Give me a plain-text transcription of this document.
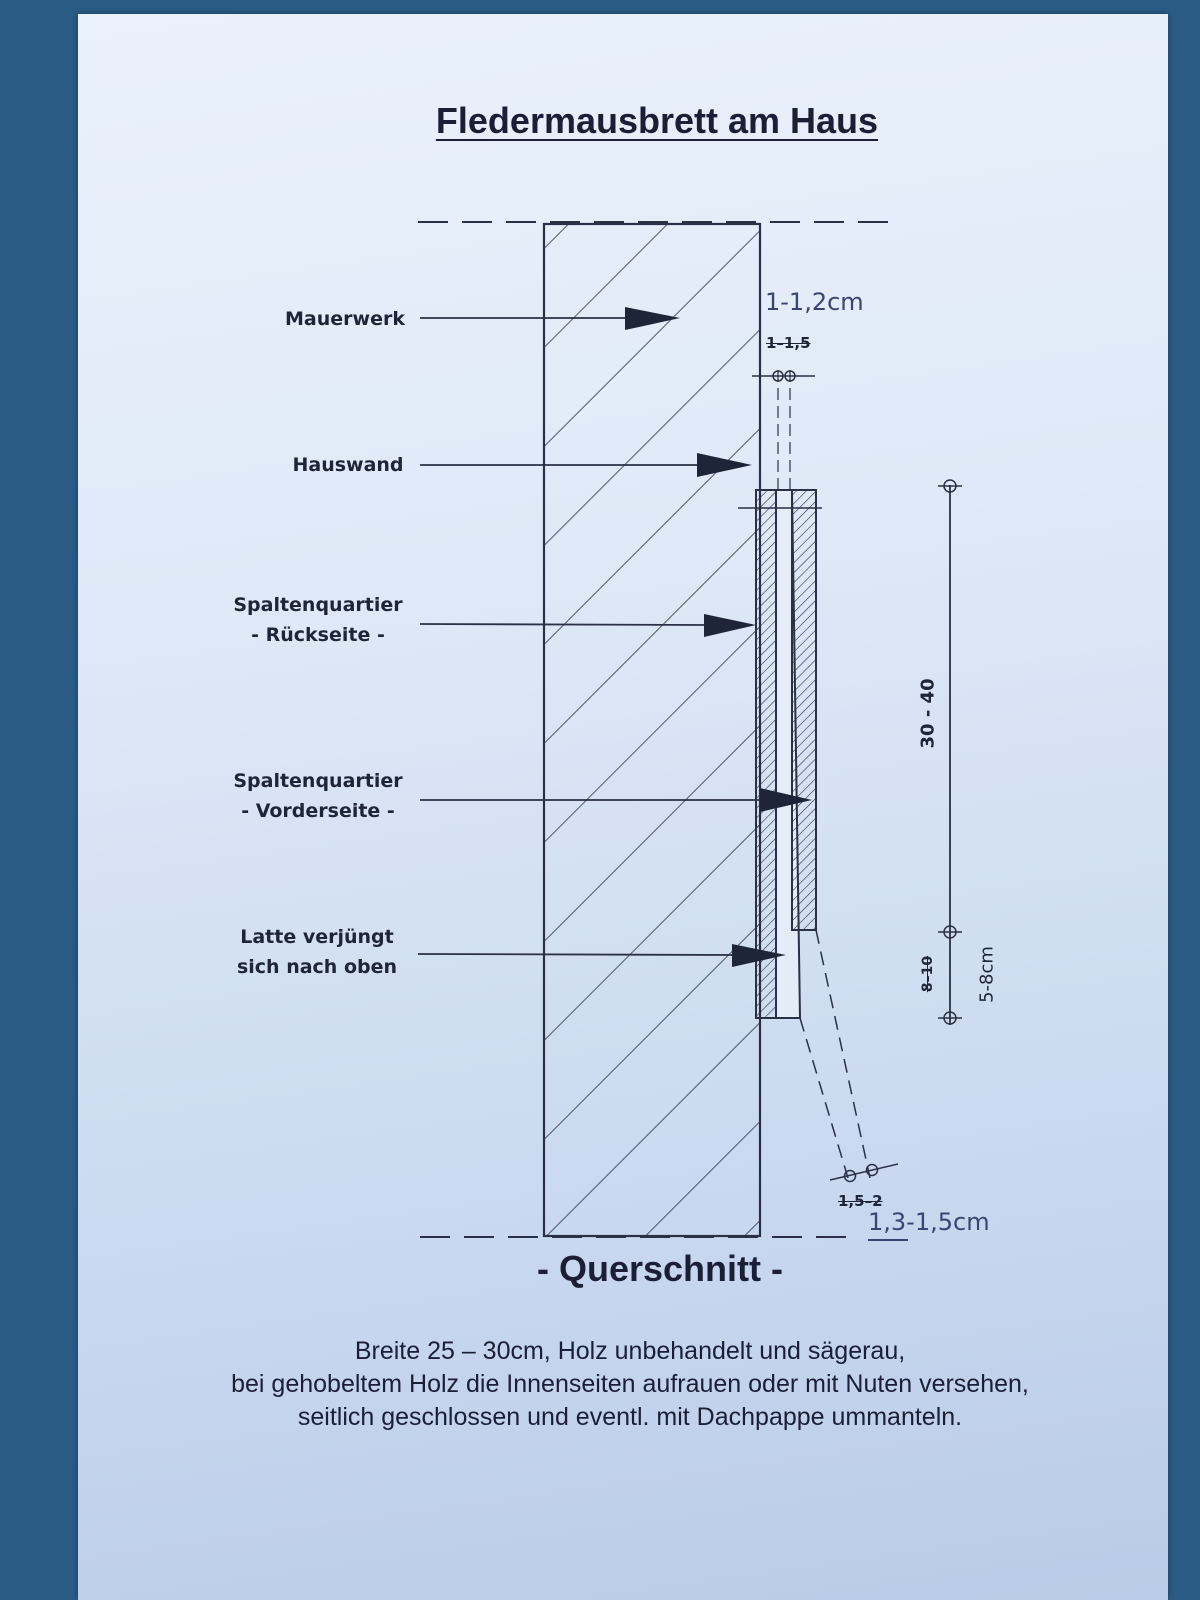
Fledermausbrett am Haus
Mauerwerk
Hauswand
Spaltenquartier
- Rückseite -
Spaltenquartier
- Vorderseite -
Latte verjüngt
sich nach oben
1-1,2cm
1–1,5
30 - 40
8–10 5-8cm
1,5–2
1,3-1,5cm
- Querschnitt -
Breite 25 – 30cm, Holz unbehandelt und sägerau,
bei gehobeltem Holz die Innenseiten aufrauen oder mit Nuten versehen,
seitlich geschlossen und eventl. mit Dachpappe ummanteln.
